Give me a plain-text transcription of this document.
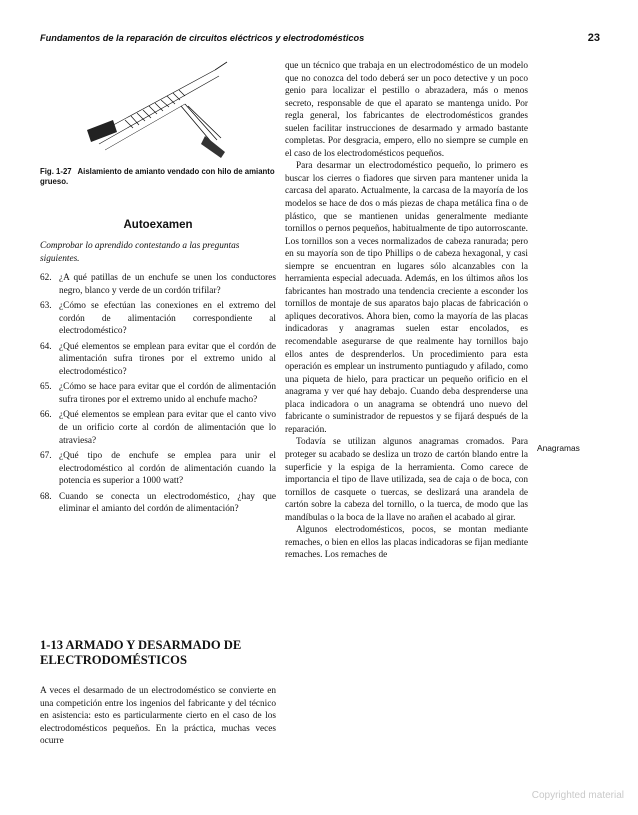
Fundamentos de la reparación de circuitos eléctricos y electrodomésticos	23
Fig. 1-27 Aislamiento de amianto vendado con hilo de amianto grueso.
Autoexamen
Comprobar lo aprendido contestando a las preguntas siguientes.
62. ¿A qué patillas de un enchufe se unen los conductores negro, blanco y verde de un cordón trifilar?
63. ¿Cómo se efectúan las conexiones en el extremo del cordón de alimentación correspondiente al electrodoméstico?
64. ¿Qué elementos se emplean para evitar que el cordón de alimentación sufra tirones por el extremo unido al electrodoméstico?
65. ¿Cómo se hace para evitar que el cordón de alimentación sufra tirones por el extremo unido al enchufe macho?
66. ¿Qué elementos se emplean para evitar que el canto vivo de un orificio corte al cordón de alimentación que lo atraviesa?
67. ¿Qué tipo de enchufe se emplea para unir el electrodoméstico al cordón de alimentación cuando la potencia es superior a 1000 watt?
68. Cuando se conecta un electrodoméstico, ¿hay que eliminar el amianto del cordón de alimentación?
1-13 ARMADO Y DESARMADO DE ELECTRODOMÉSTICOS
A veces el desarmado de un electrodoméstico se convierte en una competición entre los ingenios del fabricante y del técnico en asistencia: esto es particularmente cierto en el caso de los electrodomésticos pequeños. En la práctica, muchas veces ocurre

que un técnico que trabaja en un electrodoméstico de un modelo que no conozca del todo deberá ser un poco detective y un poco genio para localizar el pestillo o abrazadera, más o menos secreto, responsable de que el aparato se mantenga unido. Por regla general, los fabricantes de electrodomésticos grandes suelen facilitar instrucciones de desarmado y armado bastante completas. Por desgracia, empero, ello no siempre se cumple en el caso de los electrodomésticos pequeños.

Para desarmar un electrodoméstico pequeño, lo primero es buscar los cierres o fiadores que sirven para mantener unida la carcasa del aparato. Actualmente, la carcasa de la mayoría de los modelos se hace de dos o más piezas de chapa metálica fina o de plástico, que se mantienen unidas generalmente mediante tornillos o pernos pequeños, habitualmente de tipo autorroscante. Los tornillos son a veces normalizados de cabeza ranurada; pero en su mayoría son de tipo Phillips o de cabeza hexagonal, y casi siempre se encuentran en lugares sólo alcanzables con la herramienta especial adecuada. Además, en los últimos años los fabricantes han mostrado una tendencia creciente a esconder los tornillos de montaje de sus aparatos bajo placas de fabricación o apliques decorativos. Ahora bien, como la mayoría de las placas indicadoras y anagramas suelen estar encolados, es recomendable asegurarse de que realmente hay tornillos bajo ellos antes de desprenderlos. Un procedimiento para esta operación es emplear un instrumento puntiagudo y afilado, como una piqueta de hielo, para practicar un pequeño orificio en el anagrama y ver qué hay debajo. Cuando deba desprenderse una placa indicadora o un anagrama se obtendrá uno nuevo del fabricante o suministrador de repuestos y se fijará después de la reparación.

Todavía se utilizan algunos anagramas cromados. Para proteger su acabado se desliza un trozo de cartón blando entre la superficie y la espiga de la herramienta. Como carece de importancia el tipo de llave utilizada, sea de caja o de boca, con tornillos de casquete o tuercas, se deslizará una arandela de cartón sobre la cabeza del tornillo, o la tuerca, de modo que las mandíbulas o la boca de la llave no arañen el acabado al girar.

Algunos electrodomésticos, pocos, se montan mediante remaches, o bien en ellos las placas indicadoras se fijan mediante remaches. Los remaches de

Anagramas
Copyrighted material
